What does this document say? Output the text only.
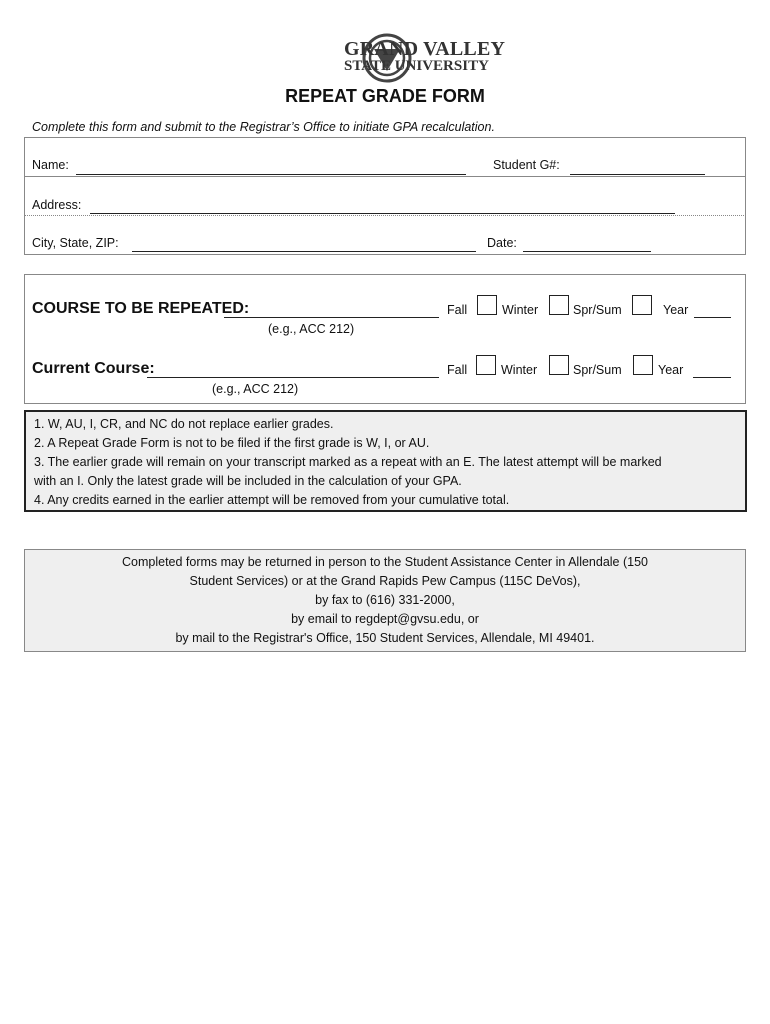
GRAND VALLEY
STATE UNIVERSITY
REPEAT GRADE FORM
Complete this form and submit to the Registrar’s Office to initiate GPA recalculation.
Name:	Student G#:
Address:
City, State, ZIP:	Date:
COURSE TO BE REPEATED:
(e.g., ACC 212)
Fall	Winter	Spr/Sum	Year
Current Course:
(e.g., ACC 212)
Fall	Winter	Spr/Sum	Year
1. W, AU, I, CR, and NC do not replace earlier grades.
2. A Repeat Grade Form is not to be filed if the first grade is W, I, or AU.
3. The earlier grade will remain on your transcript marked as a repeat with an E. The latest attempt will be marked
with an I. Only the latest grade will be included in the calculation of your GPA.
4. Any credits earned in the earlier attempt will be removed from your cumulative total.
Completed forms may be returned in person to the Student Assistance Center in Allendale (150
Student Services) or at the Grand Rapids Pew Campus (115C DeVos),
by fax to (616) 331-2000,
by email to regdept@gvsu.edu, or
by mail to the Registrar's Office, 150 Student Services, Allendale, MI 49401.
